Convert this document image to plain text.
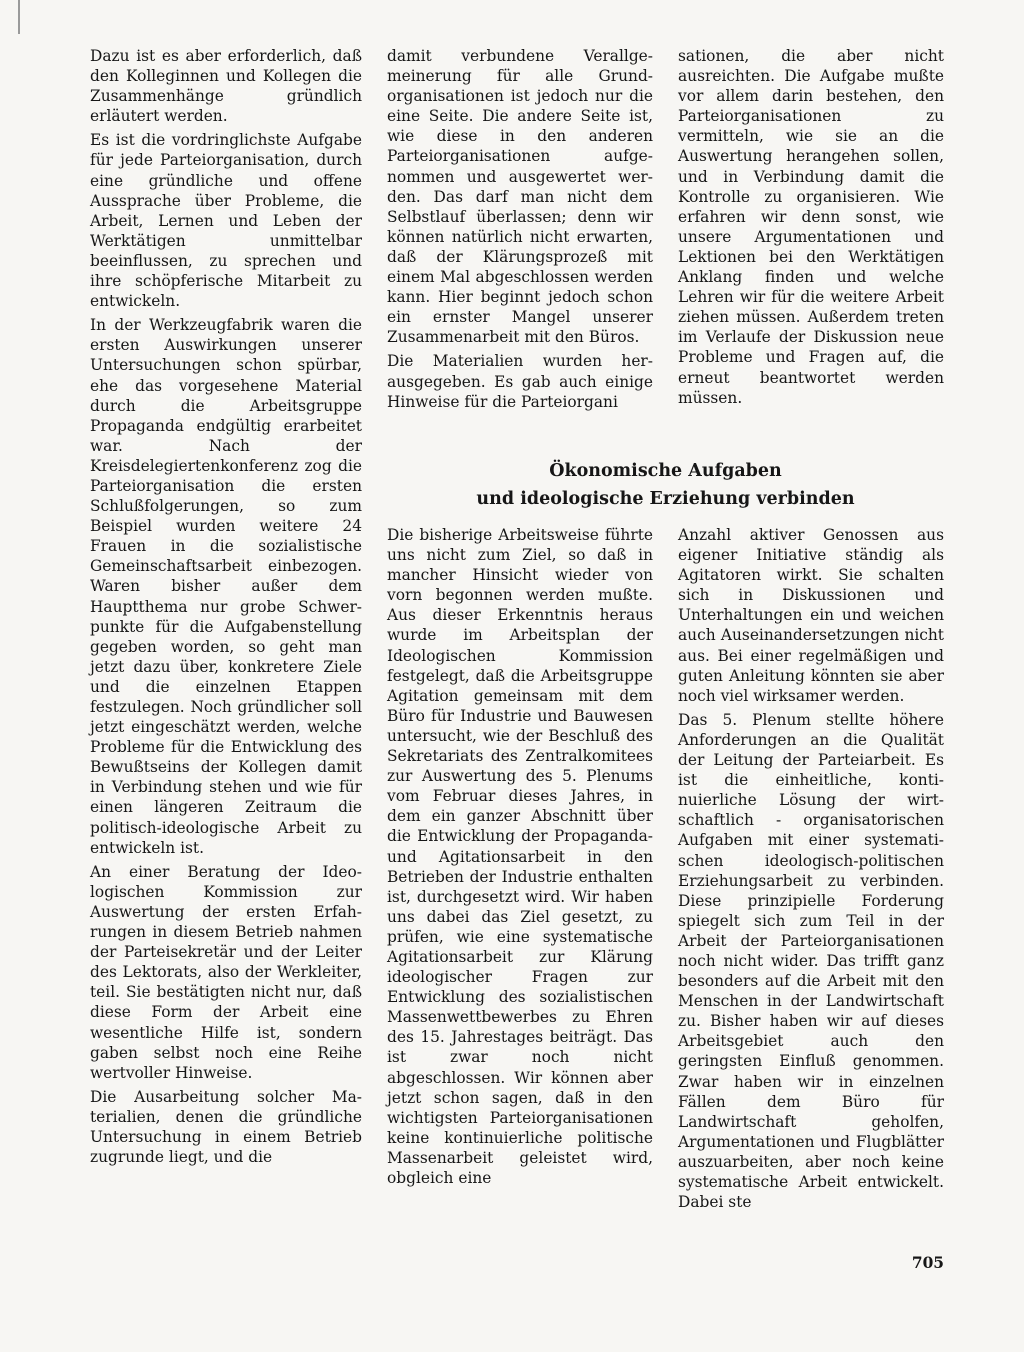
Dazu ist es aber erforderlich, daß den Kolleginnen und Kollegen die Zusammenhänge gründlich erläutert werden.

Es ist die vordringlichste Aufgabe für jede Parteiorganisation, durch eine gründliche und offene Aussprache über Probleme, die Arbeit, Lernen und Leben der Werktätigen unmittelbar beeinflussen, zu sprechen und ihre schöpferische Mitarbeit zu entwickeln.

In der Werkzeugfabrik waren die ersten Auswirkungen unserer Untersuchungen schon spürbar, ehe das vorgesehene Material durch die Arbeitsgruppe Propaganda endgültig erarbeitet war. Nach der Kreisdelegiertenkonferenz zog die Parteiorganisation die ersten Schlußfolgerungen, so zum Beispiel wurden weitere 24 Frauen in die sozialistische Gemeinschaftsarbeit einbezogen. Waren bisher außer dem Hauptthema nur grobe Schwerpunkte für die Aufgabenstellung gegeben worden, so geht man jetzt dazu über, konkretere Ziele und die einzelnen Etappen festzulegen. Noch gründlicher soll jetzt eingeschätzt werden, welche Probleme für die Entwicklung des Bewußtseins der Kollegen damit in Verbindung stehen und wie für einen längeren Zeitraum die politisch-ideologische Arbeit zu entwickeln ist.

An einer Beratung der Ideologischen Kommission zur Auswertung der ersten Erfahrungen in diesem Betrieb nahmen der Parteisekretär und der Leiter des Lektorats, also der Werkleiter, teil. Sie bestätigten nicht nur, daß diese Form der Arbeit eine wesentliche Hilfe ist, sondern gaben selbst noch eine Reihe wertvoller Hinweise.

Die Ausarbeitung solcher Materialien, denen die gründliche Untersuchung in einem Betrieb zugrunde liegt, und die

damit verbundene Verallgemeinerung für alle Grundorganisationen ist jedoch nur die eine Seite. Die andere Seite ist, wie diese in den anderen Parteiorganisationen aufgenommen und ausgewertet werden. Das darf man nicht dem Selbstlauf überlassen; denn wir können natürlich nicht erwarten, daß der Klärungsprozeß mit einem Mal abgeschlossen werden kann. Hier beginnt jedoch schon ein ernster Mangel unserer Zusammenarbeit mit den Büros.

Die Materialien wurden herausgegeben. Es gab auch einige Hinweise für die Parteiorgani

sationen, die aber nicht ausreichten. Die Aufgabe mußte vor allem darin bestehen, den Parteiorganisationen zu vermitteln, wie sie an die Auswertung herangehen sollen, und in Verbindung damit die Kontrolle zu organisieren. Wie erfahren wir denn sonst, wie unsere Argumentationen und Lektionen bei den Werktätigen Anklang finden und welche Lehren wir für die weitere Arbeit ziehen müssen. Außerdem treten im Verlaufe der Diskussion neue Probleme und Fragen auf, die erneut beantwortet werden müssen.

Ökonomische Aufgaben
und ideologische Erziehung verbinden

Die bisherige Arbeitsweise führte uns nicht zum Ziel, so daß in mancher Hinsicht wieder von vorn begonnen werden mußte. Aus dieser Erkenntnis heraus wurde im Arbeitsplan der Ideologischen Kommission festgelegt, daß die Arbeitsgruppe Agitation gemeinsam mit dem Büro für Industrie und Bauwesen untersucht, wie der Beschluß des Sekretariats des Zentralkomitees zur Auswertung des 5. Plenums vom Februar dieses Jahres, in dem ein ganzer Abschnitt über die Entwicklung der Propaganda- und Agitationsarbeit in den Betrieben der Industrie enthalten ist, durchgesetzt wird. Wir haben uns dabei das Ziel gesetzt, zu prüfen, wie eine systematische Agitationsarbeit zur Klärung ideologischer Fragen zur Entwicklung des sozialistischen Massenwettbewerbes zu Ehren des 15. Jahrestages beiträgt. Das ist zwar noch nicht abgeschlossen. Wir können aber jetzt schon sagen, daß in den wichtigsten Parteiorganisationen keine kontinuierliche politische Massenarbeit geleistet wird, obgleich eine

Anzahl aktiver Genossen aus eigener Initiative ständig als Agitatoren wirkt. Sie schalten sich in Diskussionen und Unterhaltungen ein und weichen auch Auseinandersetzungen nicht aus. Bei einer regelmäßigen und guten Anleitung könnten sie aber noch viel wirksamer werden.

Das 5. Plenum stellte höhere Anforderungen an die Qualität der Leitung der Parteiarbeit. Es ist die einheitliche, kontinuierliche Lösung der wirtschaftlich - organisatorischen Aufgaben mit einer systematischen ideologisch-politischen Erziehungsarbeit zu verbinden. Diese prinzipielle Forderung spiegelt sich zum Teil in der Arbeit der Parteiorganisationen noch nicht wider. Das trifft ganz besonders auf die Arbeit mit den Menschen in der Landwirtschaft zu. Bisher haben wir auf dieses Arbeitsgebiet auch den geringsten Einfluß genommen. Zwar haben wir in einzelnen Fällen dem Büro für Landwirtschaft geholfen, Argumentationen und Flugblätter auszuarbeiten, aber noch keine systematische Arbeit entwickelt. Dabei ste

705
